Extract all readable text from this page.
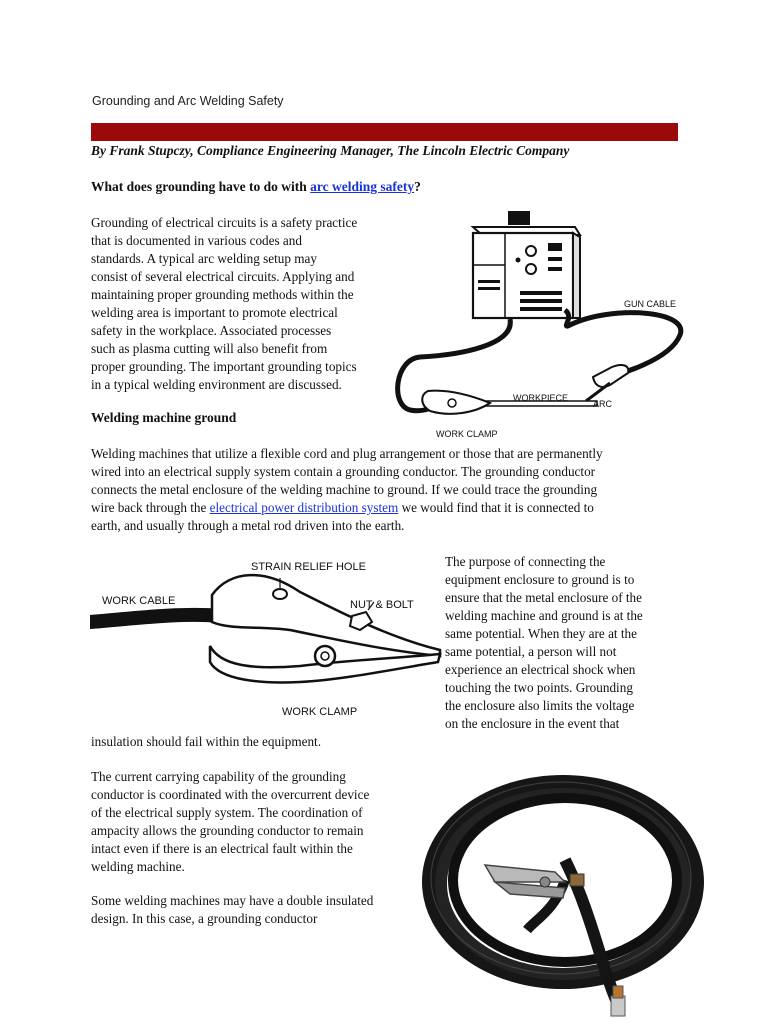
Grounding and Arc Welding Safety
By Frank Stupczy, Compliance Engineering Manager, The Lincoln Electric Company
What does grounding have to do with arc welding safety?
Grounding of electrical circuits is a safety practice
that is documented in various codes and
standards. A typical arc welding setup may
consist of several electrical circuits. Applying and
maintaining proper grounding methods within the
welding area is important to promote electrical
safety in the workplace. Associated processes
such as plasma cutting will also benefit from
proper grounding. The important grounding topics
in a typical welding environment are discussed.
GUN CABLE
WORKPIECE
ARC
WORK CLAMP
Welding machine ground
Welding machines that utilize a flexible cord and plug arrangement or those that are permanently
wired into an electrical supply system contain a grounding conductor. The grounding conductor
connects the metal enclosure of the welding machine to ground. If we could trace the grounding
wire back through the electrical power distribution system we would find that it is connected to
earth, and usually through a metal rod driven into the earth.
STRAIN RELIEF HOLE
WORK CABLE	NUT & BOLT
WORK CLAMP
The purpose of connecting the
equipment enclosure to ground is to
ensure that the metal enclosure of the
welding machine and ground is at the
same potential. When they are at the
same potential, a person will not
experience an electrical shock when
touching the two points. Grounding
the enclosure also limits the voltage
on the enclosure in the event that
insulation should fail within the equipment.
The current carrying capability of the grounding
conductor is coordinated with the overcurrent device
of the electrical supply system. The coordination of
ampacity allows the grounding conductor to remain
intact even if there is an electrical fault within the
welding machine.
Some welding machines may have a double insulated
design. In this case, a grounding conductor
